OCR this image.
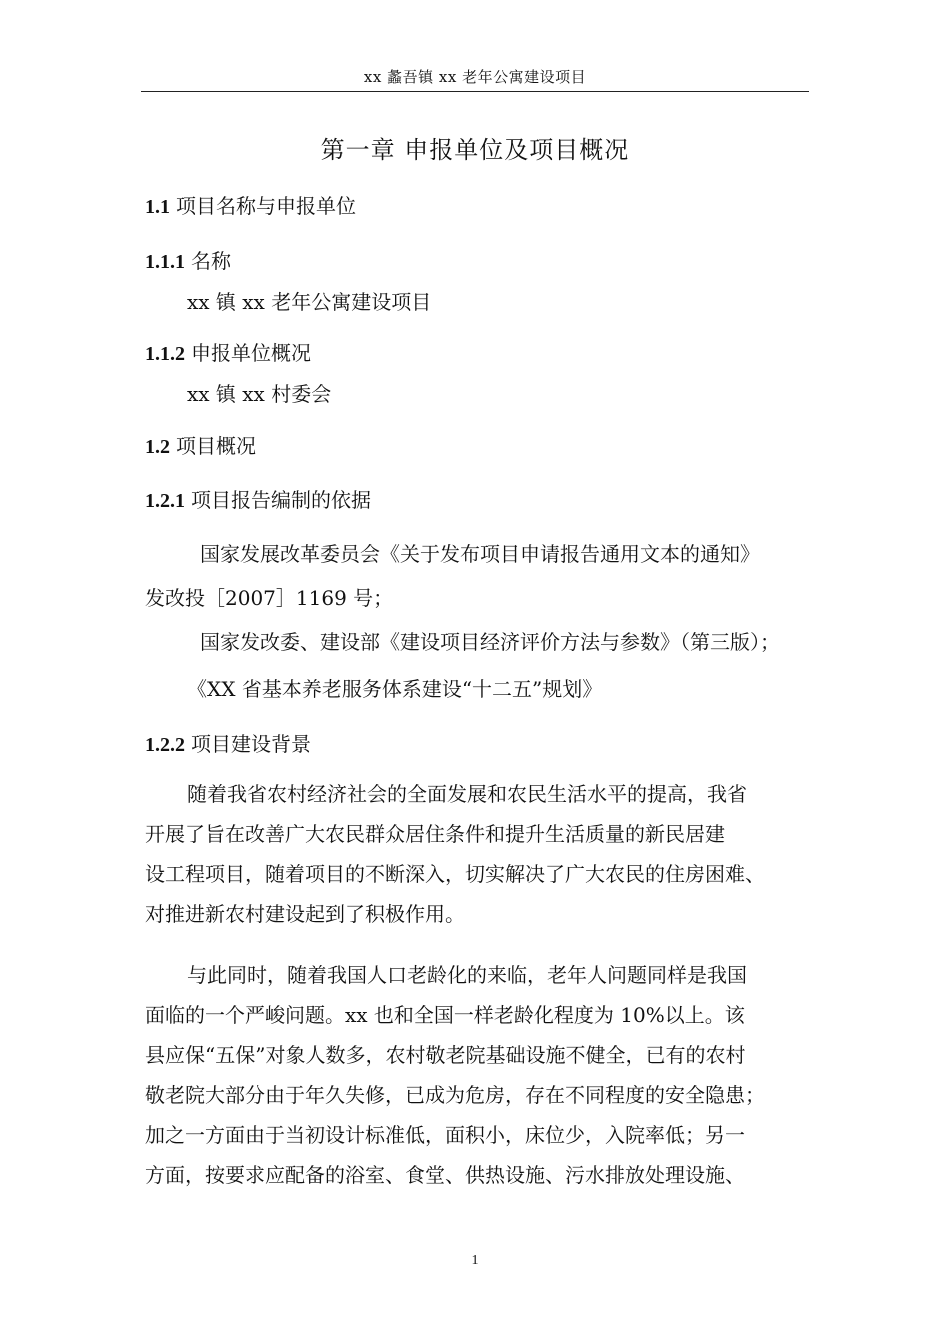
xx 蠡吾镇 xx 老年公寓建设项目
第一章 申报单位及项目概况
1.1 项目名称与申报单位
1.1.1 名称
xx 镇 xx 老年公寓建设项目
1.1.2 申报单位概况
xx 镇 xx 村委会
1.2 项目概况
1.2.1 项目报告编制的依据
国家发展改革委员会《关于发布项目申请报告通用文本的通知》
发改投［2007］1169 号；
国家发改委、建设部《建设项目经济评价方法与参数》（第三版）；
《XX 省基本养老服务体系建设“十二五”规划》
1.2.2 项目建设背景
随着我省农村经济社会的全面发展和农民生活水平的提高，我省
开展了旨在改善广大农民群众居住条件和提升生活质量的新民居建
设工程项目，随着项目的不断深入，切实解决了广大农民的住房困难、
对推进新农村建设起到了积极作用。
与此同时，随着我国人口老龄化的来临，老年人问题同样是我国
面临的一个严峻问题。xx 也和全国一样老龄化程度为 10%以上。该
县应保“五保”对象人数多，农村敬老院基础设施不健全，已有的农村
敬老院大部分由于年久失修，已成为危房，存在不同程度的安全隐患；
加之一方面由于当初设计标准低，面积小，床位少，入院率低；另一
方面，按要求应配备的浴室、食堂、供热设施、污水排放处理设施、
1
